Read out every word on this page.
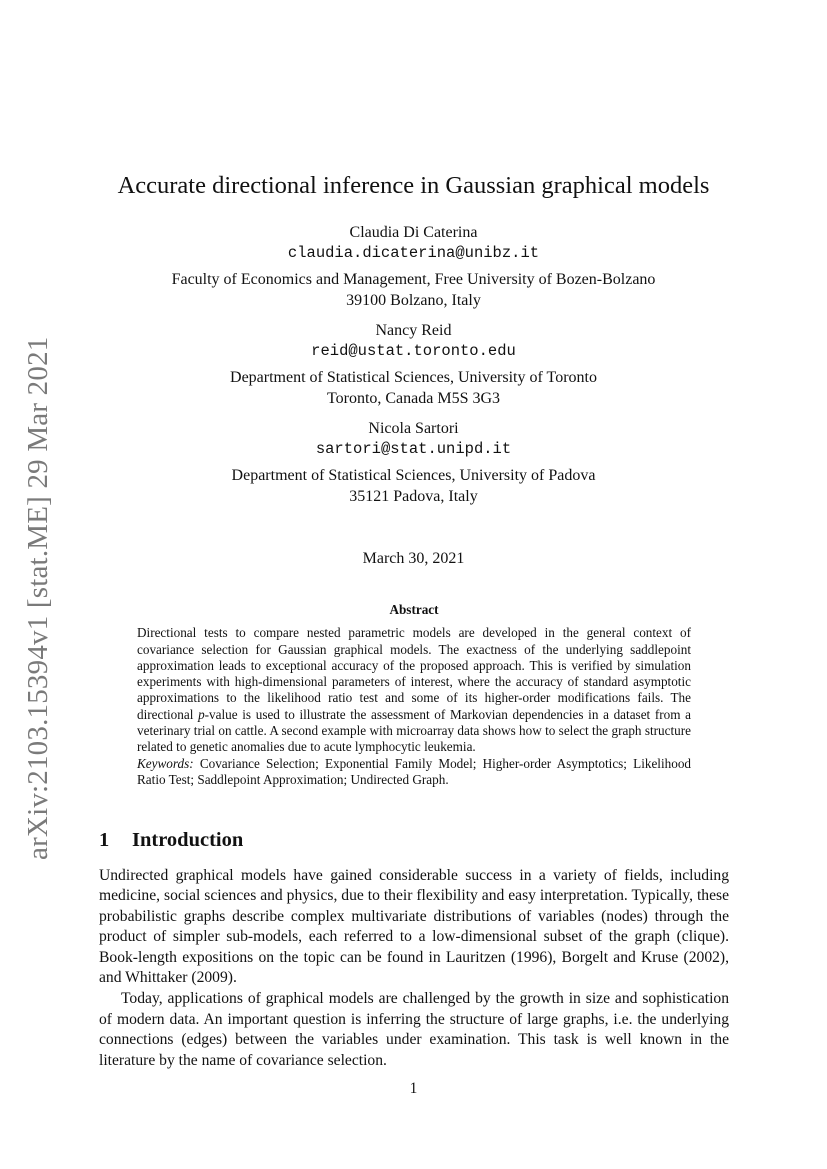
arXiv:2103.15394v1 [stat.ME] 29 Mar 2021
Accurate directional inference in Gaussian graphical models
Claudia Di Caterina
claudia.dicaterina@unibz.it
Faculty of Economics and Management, Free University of Bozen-Bolzano
39100 Bolzano, Italy
Nancy Reid
reid@ustat.toronto.edu
Department of Statistical Sciences, University of Toronto
Toronto, Canada M5S 3G3
Nicola Sartori
sartori@stat.unipd.it
Department of Statistical Sciences, University of Padova
35121 Padova, Italy
March 30, 2021
Abstract

Directional tests to compare nested parametric models are developed in the general context of covariance selection for Gaussian graphical models. The exactness of the underlying saddlepoint approximation leads to exceptional accuracy of the proposed approach. This is verified by simulation experiments with high-dimensional parameters of interest, where the accuracy of standard asymptotic approximations to the likelihood ratio test and some of its higher-order modifications fails. The directional p-value is used to illustrate the assessment of Markovian dependencies in a dataset from a veterinary trial on cattle. A second example with microarray data shows how to select the graph structure related to genetic anomalies due to acute lymphocytic leukemia.

Keywords: Covariance Selection; Exponential Family Model; Higher-order Asymptotics; Likelihood Ratio Test; Saddlepoint Approximation; Undirected Graph.

1 Introduction

Undirected graphical models have gained considerable success in a variety of fields, including medicine, social sciences and physics, due to their flexibility and easy interpretation. Typically, these probabilistic graphs describe complex multivariate distributions of variables (nodes) through the product of simpler sub-models, each referred to a low-dimensional subset of the graph (clique). Book-length expositions on the topic can be found in Lauritzen (1996), Borgelt and Kruse (2002), and Whittaker (2009).

Today, applications of graphical models are challenged by the growth in size and sophistication of modern data. An important question is inferring the structure of large graphs, i.e. the underlying connections (edges) between the variables under examination. This task is well known in the literature by the name of covariance selection.

1
